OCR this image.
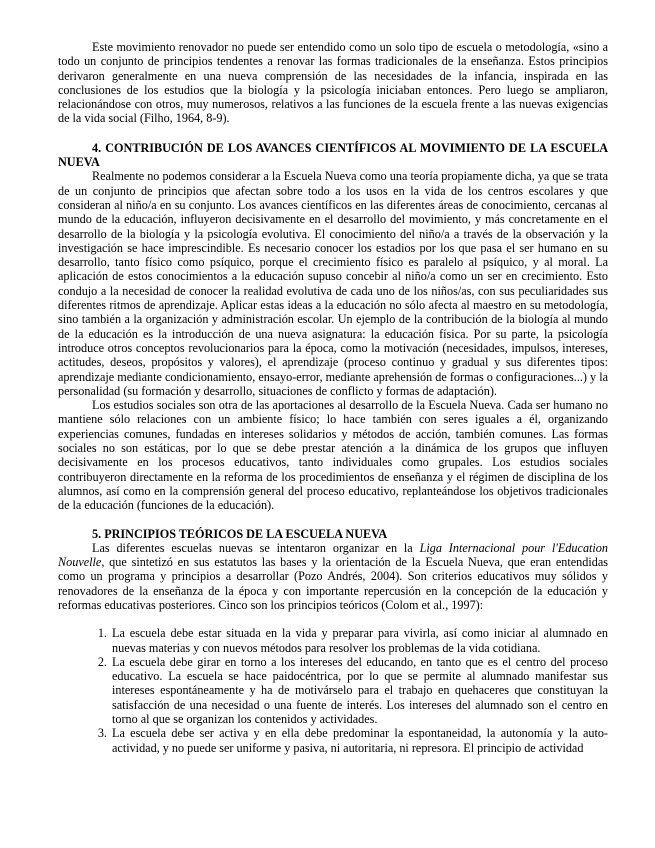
Este movimiento renovador no puede ser entendido como un solo tipo de escuela o metodología, «sino a todo un conjunto de principios tendentes a renovar las formas tradicionales de la enseñanza. Estos principios derivaron generalmente en una nueva comprensión de las necesidades de la infancia, inspirada en las conclusiones de los estudios que la biología y la psicología iniciaban entonces. Pero luego se ampliaron, relacionándose con otros, muy numerosos, relativos a las funciones de la escuela frente a las nuevas exigencias de la vida social (Filho, 1964, 8-9).

4. CONTRIBUCIÓN DE LOS AVANCES CIENTÍFICOS AL MOVIMIENTO DE LA ESCUELA NUEVA

Realmente no podemos considerar a la Escuela Nueva como una teoría propiamente dicha, ya que se trata de un conjunto de principios que afectan sobre todo a los usos en la vida de los centros escolares y que consideran al niño/a en su conjunto. Los avances científicos en las diferentes áreas de conocimiento, cercanas al mundo de la educación, influyeron decisivamente en el desarrollo del movimiento, y más concretamente en el desarrollo de la biología y la psicología evolutiva. El conocimiento del niño/a a través de la observación y la investigación se hace imprescindible. Es necesario conocer los estadios por los que pasa el ser humano en su desarrollo, tanto físico como psíquico, porque el crecimiento físico es paralelo al psíquico, y al moral. La aplicación de estos conocimientos a la educación supuso concebir al niño/a como un ser en crecimiento. Esto condujo a la necesidad de conocer la realidad evolutiva de cada uno de los niños/as, con sus peculiaridades sus diferentes ritmos de aprendizaje. Aplicar estas ideas a la educación no sólo afecta al maestro en su metodología, sino también a la organización y administración escolar. Un ejemplo de la contribución de la biología al mundo de la educación es la introducción de una nueva asignatura: la educación física. Por su parte, la psicología introduce otros conceptos revolucionarios para la época, como la motivación (necesidades, impulsos, intereses, actitudes, deseos, propósitos y valores), el aprendizaje (proceso continuo y gradual y sus diferentes tipos: aprendizaje mediante condicionamiento, ensayo-error, mediante aprehensión de formas o configuraciones...) y la personalidad (su formación y desarrollo, situaciones de conflicto y formas de adaptación).

Los estudios sociales son otra de las aportaciones al desarrollo de la Escuela Nueva. Cada ser humano no mantiene sólo relaciones con un ambiente físico; lo hace también con seres iguales a él, organizando experiencias comunes, fundadas en intereses solidarios y métodos de acción, también comunes. Las formas sociales no son estáticas, por lo que se debe prestar atención a la dinámica de los grupos que influyen decisivamente en los procesos educativos, tanto individuales como grupales. Los estudios sociales contribuyeron directamente en la reforma de los procedimientos de enseñanza y el régimen de disciplina de los alumnos, así como en la comprensión general del proceso educativo, replanteándose los objetivos tradicionales de la educación (funciones de la educación).

5. PRINCIPIOS TEÓRICOS DE LA ESCUELA NUEVA

Las diferentes escuelas nuevas se intentaron organizar en la Liga Internacional pour l'Education Nouvelle, que sintetizó en sus estatutos las bases y la orientación de la Escuela Nueva, que eran entendidas como un programa y principios a desarrollar (Pozo Andrés, 2004). Son criterios educativos muy sólidos y renovadores de la enseñanza de la época y con importante repercusión en la concepción de la educación y reformas educativas posteriores. Cinco son los principios teóricos (Colom et al., 1997):

1. La escuela debe estar situada en la vida y preparar para vivirla, así como iniciar al alumnado en nuevas materias y con nuevos métodos para resolver los problemas de la vida cotidiana.
2. La escuela debe girar en torno a los intereses del educando, en tanto que es el centro del proceso educativo. La escuela se hace paidocéntrica, por lo que se permite al alumnado manifestar sus intereses espontáneamente y ha de motivárselo para el trabajo en quehaceres que constituyan la satisfacción de una necesidad o una fuente de interés. Los intereses del alumnado son el centro en torno al que se organizan los contenidos y actividades.
3. La escuela debe ser activa y en ella debe predominar la espontaneidad, la autonomía y la auto-actividad, y no puede ser uniforme y pasiva, ni autoritaria, ni represora. El principio de actividad
